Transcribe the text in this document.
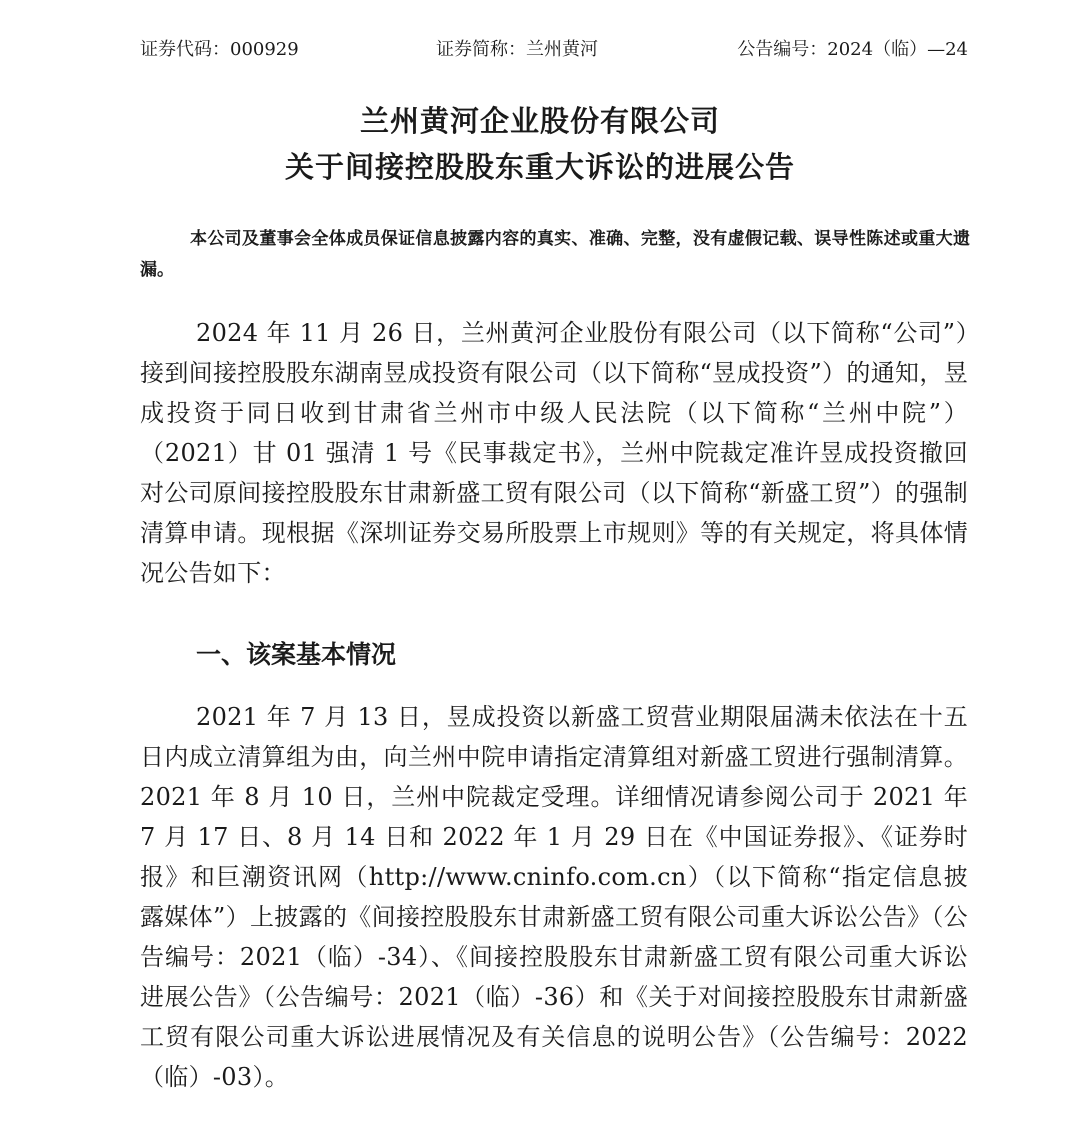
证券代码：000929	证券简称：兰州黄河	公告编号：2024（临）—24
兰州黄河企业股份有限公司
关于间接控股股东重大诉讼的进展公告
本公司及董事会全体成员保证信息披露内容的真实、准确、完整，没有虚假记载、误导性陈述或重大遗漏。
2024 年 11 月 26 日，兰州黄河企业股份有限公司（以下简称“公司”）接到间接控股股东湖南昱成投资有限公司（以下简称“昱成投资”）的通知，昱成投资于同日收到甘肃省兰州市中级人民法院（以下简称“兰州中院”）（2021）甘 01 强清 1 号《民事裁定书》，兰州中院裁定准许昱成投资撤回对公司原间接控股股东甘肃新盛工贸有限公司（以下简称“新盛工贸”）的强制清算申请。现根据《深圳证券交易所股票上市规则》等的有关规定，将具体情况公告如下：
一、该案基本情况
2021 年 7 月 13 日，昱成投资以新盛工贸营业期限届满未依法在十五日内成立清算组为由，向兰州中院申请指定清算组对新盛工贸进行强制清算。2021 年 8 月 10 日，兰州中院裁定受理。详细情况请参阅公司于 2021 年 7 月 17 日、8 月 14 日和 2022 年 1 月 29 日在《中国证券报》、《证券时报》和巨潮资讯网（http://www.cninfo.com.cn）（以下简称“指定信息披露媒体”）上披露的《间接控股股东甘肃新盛工贸有限公司重大诉讼公告》（公告编号：2021（临）-34）、《间接控股股东甘肃新盛工贸有限公司重大诉讼进展公告》（公告编号：2021（临）-36）和《关于对间接控股股东甘肃新盛工贸有限公司重大诉讼进展情况及有关信息的说明公告》（公告编号：2022（临）-03）。
